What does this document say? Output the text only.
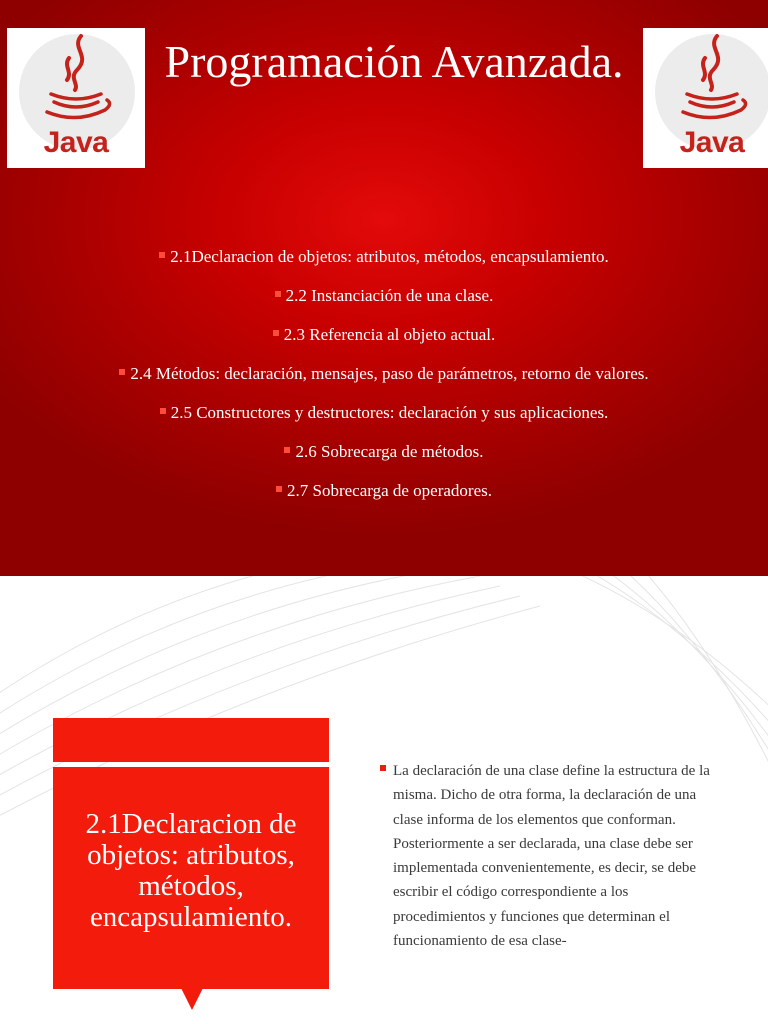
Java
Programación Avanzada.
Java
2.1Declaracion de objetos: atributos, métodos, encapsulamiento.
2.2 Instanciación de una clase.
2.3 Referencia al objeto actual.
2.4 Métodos: declaración, mensajes, paso de parámetros, retorno de valores.
2.5 Constructores y destructores: declaración y sus aplicaciones.
2.6 Sobrecarga de métodos.
2.7 Sobrecarga de operadores.
2.1Declaracion de objetos: atributos, métodos, encapsulamiento.

La declaración de una clase define la estructura de la misma. Dicho de otra forma, la declaración de una clase informa de los elementos que conforman. Posteriormente a ser declarada, una clase debe ser implementada convenientemente, es decir, se debe escribir el código correspondiente a los procedimientos y funciones que determinan el funcionamiento de esa clase-
